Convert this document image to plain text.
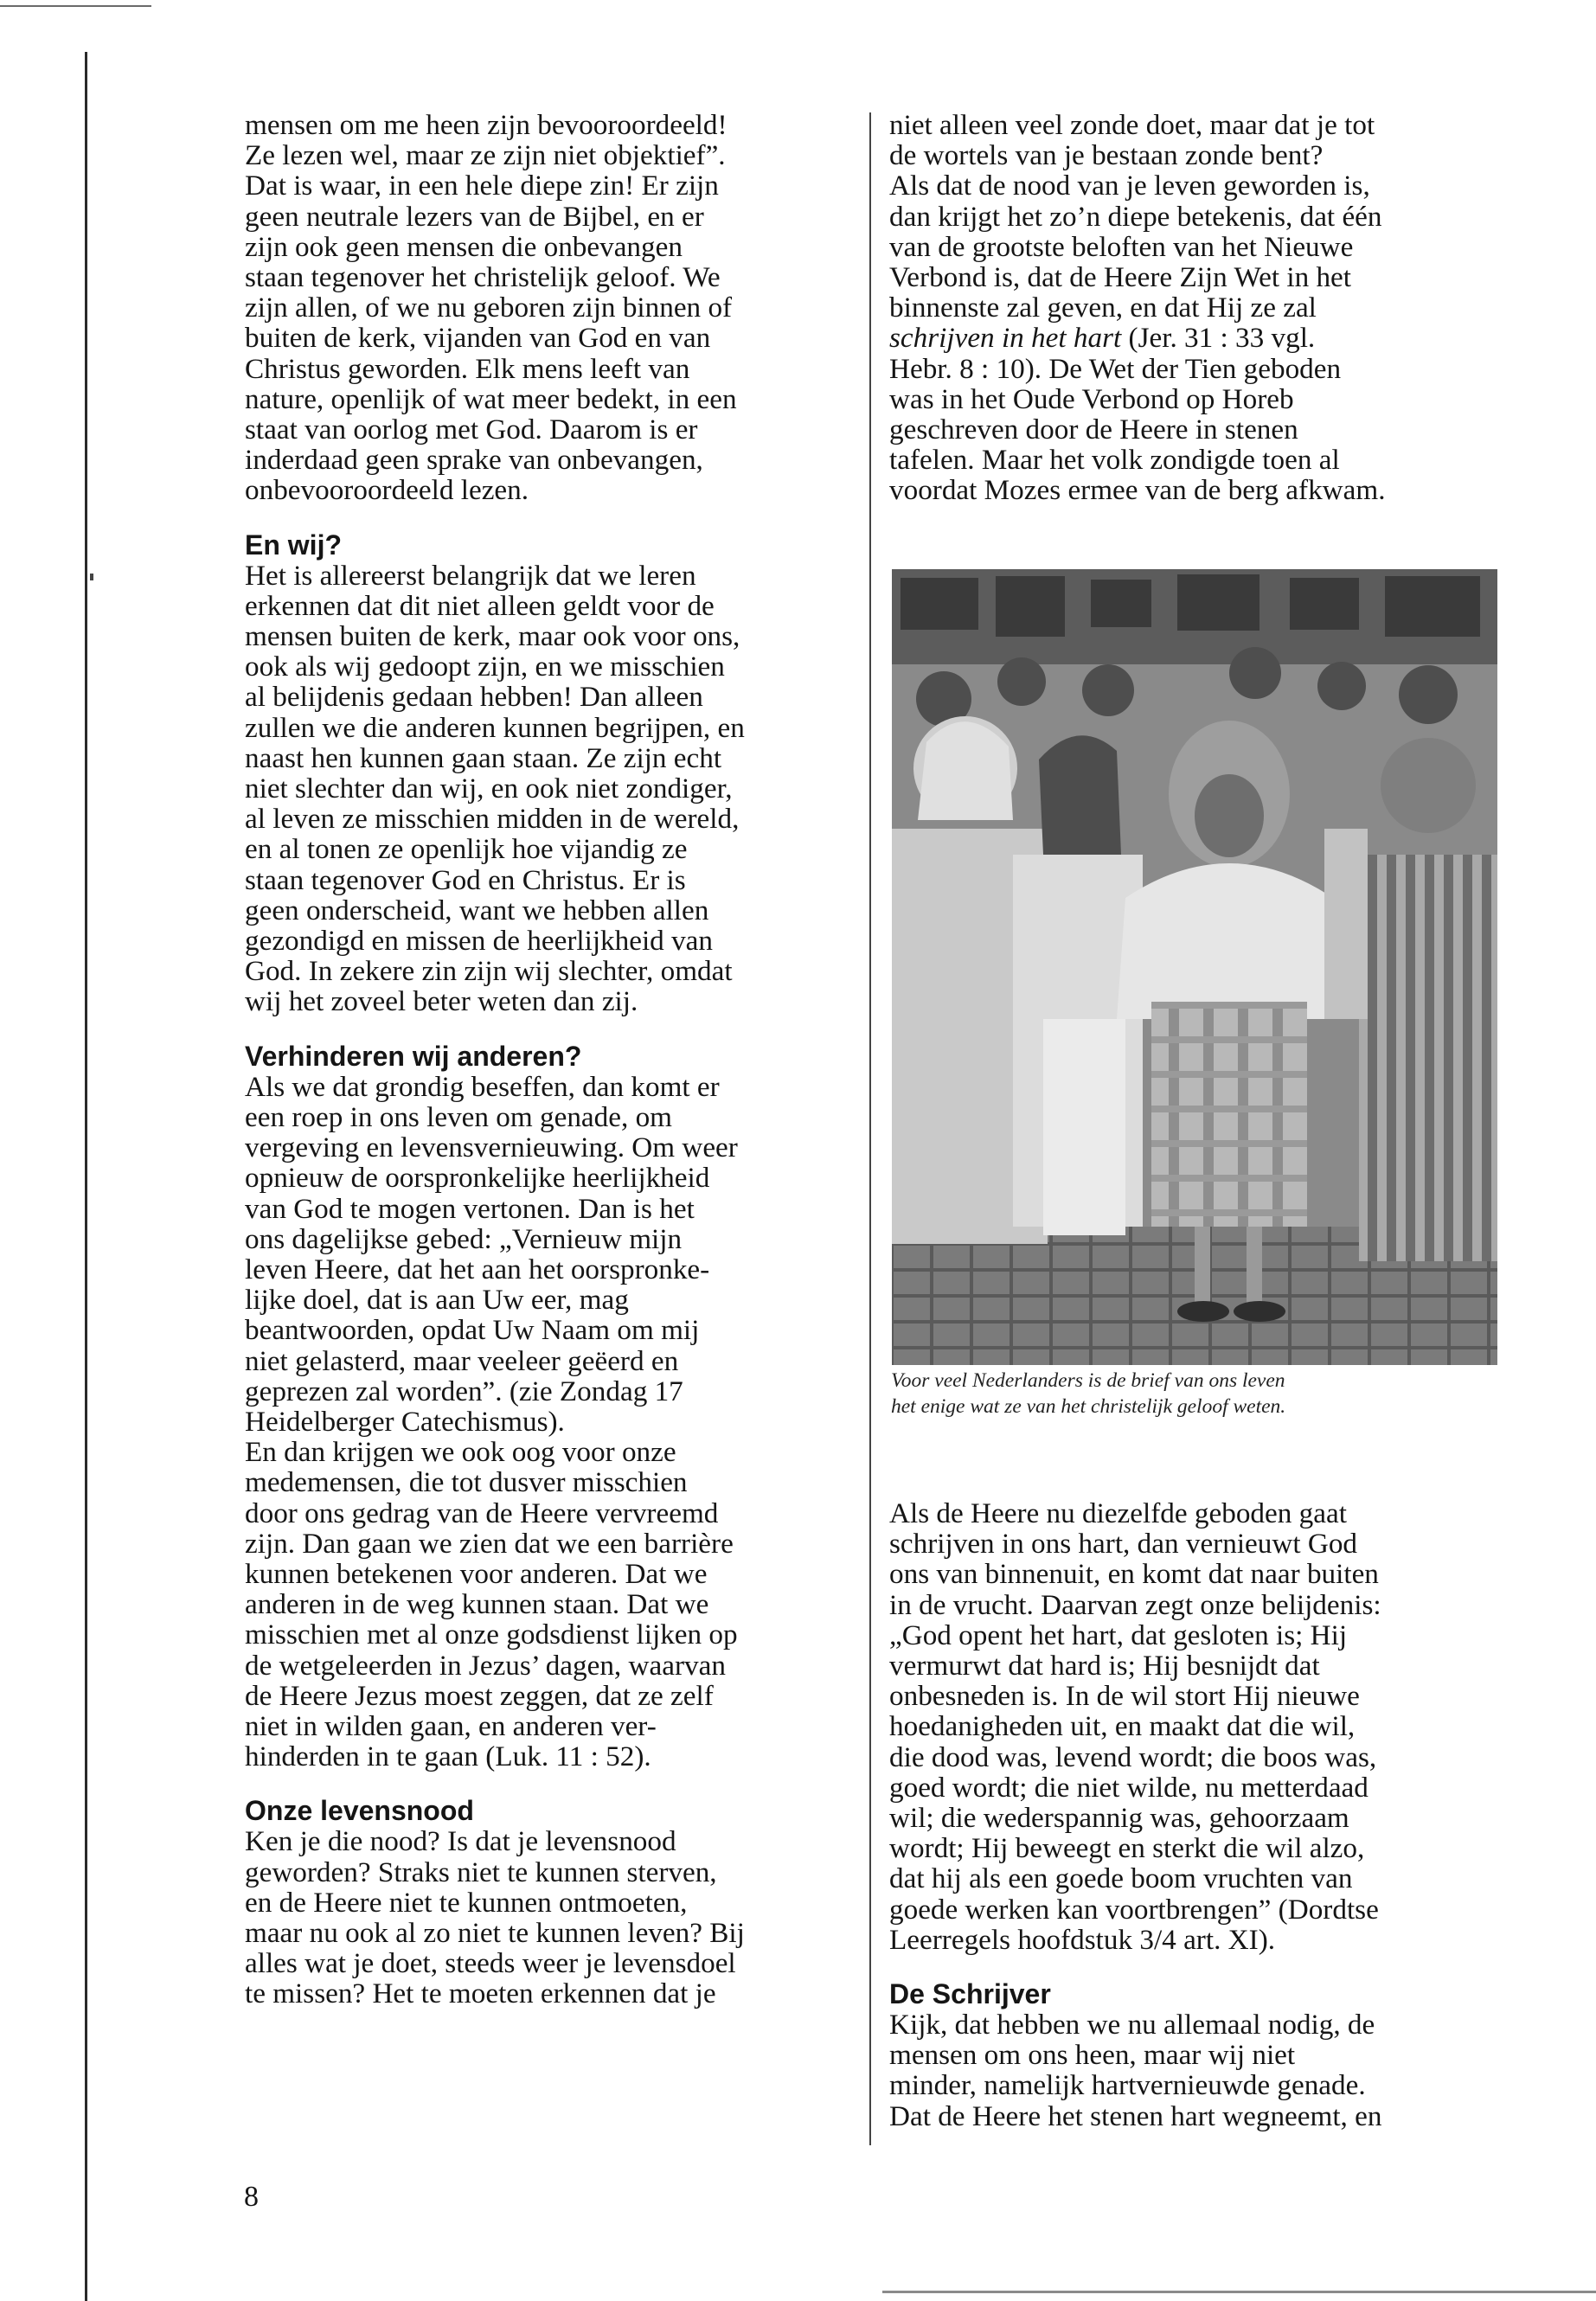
mensen om me heen zijn bevooroordeeld!
Ze lezen wel, maar ze zijn niet objektief”.
Dat is waar, in een hele diepe zin! Er zijn
geen neutrale lezers van de Bijbel, en er
zijn ook geen mensen die onbevangen
staan tegenover het christelijk geloof. We
zijn allen, of we nu geboren zijn binnen of
buiten de kerk, vijanden van God en van
Christus geworden. Elk mens leeft van
nature, openlijk of wat meer bedekt, in een
staat van oorlog met God. Daarom is er
inderdaad geen sprake van onbevangen,
onbevooroordeeld lezen.
En wij?
Het is allereerst belangrijk dat we leren
erkennen dat dit niet alleen geldt voor de
mensen buiten de kerk, maar ook voor ons,
ook als wij gedoopt zijn, en we misschien
al belijdenis gedaan hebben! Dan alleen
zullen we die anderen kunnen begrijpen, en
naast hen kunnen gaan staan. Ze zijn echt
niet slechter dan wij, en ook niet zondiger,
al leven ze misschien midden in de wereld,
en al tonen ze openlijk hoe vijandig ze
staan tegenover God en Christus. Er is
geen onderscheid, want we hebben allen
gezondigd en missen de heerlijkheid van
God. In zekere zin zijn wij slechter, omdat
wij het zoveel beter weten dan zij.
Verhinderen wij anderen?
Als we dat grondig beseffen, dan komt er
een roep in ons leven om genade, om
vergeving en levensvernieuwing. Om weer
opnieuw de oorspronkelijke heerlijkheid
van God te mogen vertonen. Dan is het
ons dagelijkse gebed: „Vernieuw mijn
leven Heere, dat het aan het oorspronke-
lijke doel, dat is aan Uw eer, mag
beantwoorden, opdat Uw Naam om mij
niet gelasterd, maar veeleer geëerd en
geprezen zal worden”. (zie Zondag 17
Heidelberger Catechismus).
En dan krijgen we ook oog voor onze
medemensen, die tot dusver misschien
door ons gedrag van de Heere vervreemd
zijn. Dan gaan we zien dat we een barrière
kunnen betekenen voor anderen. Dat we
anderen in de weg kunnen staan. Dat we
misschien met al onze godsdienst lijken op
de wetgeleerden in Jezus’ dagen, waarvan
de Heere Jezus moest zeggen, dat ze zelf
niet in wilden gaan, en anderen ver-
hinderden in te gaan (Luk. 11 : 52).
Onze levensnood
Ken je die nood? Is dat je levensnood
geworden? Straks niet te kunnen sterven,
en de Heere niet te kunnen ontmoeten,
maar nu ook al zo niet te kunnen leven? Bij
alles wat je doet, steeds weer je levensdoel
te missen? Het te moeten erkennen dat je
niet alleen veel zonde doet, maar dat je tot
de wortels van je bestaan zonde bent?
Als dat de nood van je leven geworden is,
dan krijgt het zo’n diepe betekenis, dat één
van de grootste beloften van het Nieuwe
Verbond is, dat de Heere Zijn Wet in het
binnenste zal geven, en dat Hij ze zal
schrijven in het hart (Jer. 31 : 33 vgl.
Hebr. 8 : 10). De Wet der Tien geboden
was in het Oude Verbond op Horeb
geschreven door de Heere in stenen
tafelen. Maar het volk zondigde toen al
voordat Mozes ermee van de berg afkwam.
Voor veel Nederlanders is de brief van ons leven
het enige wat ze van het christelijk geloof weten.
Als de Heere nu diezelfde geboden gaat
schrijven in ons hart, dan vernieuwt God
ons van binnenuit, en komt dat naar buiten
in de vrucht. Daarvan zegt onze belijdenis:
„God opent het hart, dat gesloten is; Hij
vermurwt dat hard is; Hij besnijdt dat
onbesneden is. In de wil stort Hij nieuwe
hoedanigheden uit, en maakt dat die wil,
die dood was, levend wordt; die boos was,
goed wordt; die niet wilde, nu metterdaad
wil; die wederspannig was, gehoorzaam
wordt; Hij beweegt en sterkt die wil alzo,
dat hij als een goede boom vruchten van
goede werken kan voortbrengen” (Dordtse
Leerregels hoofdstuk 3/4 art. XI).
De Schrijver
Kijk, dat hebben we nu allemaal nodig, de
mensen om ons heen, maar wij niet
minder, namelijk hartvernieuwde genade.
Dat de Heere het stenen hart wegneemt, en
8
